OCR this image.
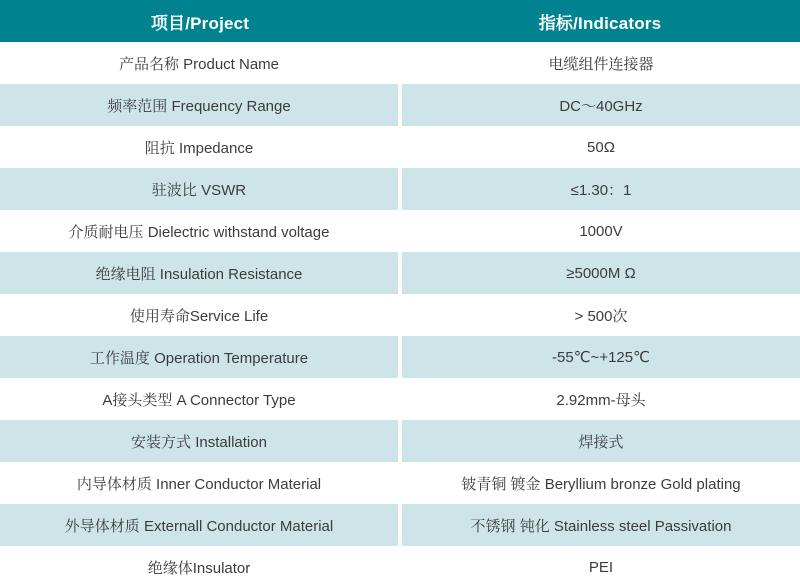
项目/Project	指标/Indicators
产品名称 Product Name	电缆组件连接器
频率范围 Frequency Range	DC～40GHz
阻抗 Impedance	50Ω
驻波比 VSWR	≤1.30：1
介质耐电压 Dielectric withstand voltage	1000V
绝缘电阻 Insulation Resistance	≥5000M Ω
使用寿命Service Life	> 500次
工作温度 Operation Temperature	-55℃~+125℃
A接头类型 A Connector Type	2.92mm-母头
安装方式 Installation	焊接式
内导体材质 Inner Conductor Material	铍青铜 镀金 Beryllium bronze Gold plating
外导体材质 Externall Conductor Material	不锈钢 钝化 Stainless steel Passivation
绝缘体Insulator	PEI
